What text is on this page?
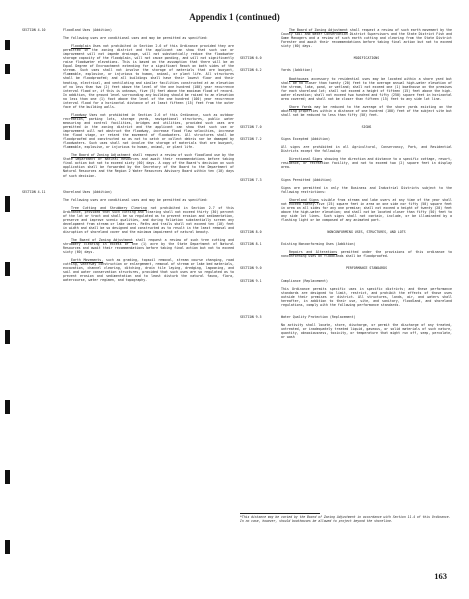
Appendix 1 (continued)
SECTION 4.10	Floodland Uses (Addition)
The following uses are conditional uses and may be permitted as specified:
Floodplain Uses not prohibited in Section 2.6 of this Ordinance provided they are permitted in the zoning district and the applicant can show that such use or improvement will not impede drainage, will not substantially reduce the floodwater storage capacity of the floodplain, will not cause ponding, and will not significantly raise floodwater elevations. This is based on the assumption that there will be an Equal Degree of Encroachment extending for a significant Reach on both sides of the stream. Such uses shall not involve the storage of materials that are buoyant, flammable, explosive, or injurious to human, animal, or plant life. All structures shall be floodproofed; and all buildings shall have their lowest floor and their heating, electrical, and ventilating and similar facilities constructed at an elevation of no less than two (2) feet above the level of the one hundred (100) year recurrence interval flood or, if this is unknown, five (5) feet above the maximum flood of record. In addition, the ground level surrounding any building should be raised to an elevation no less than one (1) foot above the level of the one hundred (100) year recurrence interval flood for a horizontal distance of at least fifteen (15) feet from the outer face of the building walls.
Floodway Uses not prohibited in Section 2.6 of this Ordinance, such as outdoor recreation, parking lots, storage yards, navigational structures, public water measuring and control facilities, bridges and utilities, provided such uses are permitted in the zoning district and the applicant can show that such use or improvement will not obstruct the floodway, increase flood flow velocities, increase the flood stage, or retard the movement of floodwaters. All structures shall be floodproofed and constructed so as not to catch or collect debris nor be damaged by floodwaters. Such uses shall not involve the storage of materials that are buoyant, flammable, explosive, or injurious to human, animal, or plant life.
The Board of Zoning Adjustment shall request a review of such floodland use by the State Department of Natural Resources and await their recommendations before taking final action but not to exceed sixty (60) days. A copy of the Board's decision on such application shall be forwarded by the Secretary of the Board to the Department of Natural Resources and the Region 2 Water Resources Advisory Board within ten (10) days of such decision.
SECTION 4.11	Shoreland Uses (Addition)
The following uses are conditional uses and may be permitted as specified:
Tree Cutting and Shrubbery Clearing not prohibited in Section 2.7 of this Ordinance, provided that such cutting and clearing shall not exceed thirty (30) percent of the lot or tract and shall be so regulated as to prevent erosion and sedimentation, preserve and improve scenic qualities, and during foliation substantially screen any development from stream or lake users. Paths and trails shall not exceed ten (10) feet in width and shall be so designed and constructed as to result in the least removal and disruption of shoreland cover and the minimum impairment of natural beauty.
The Board of Zoning Adjustment shall request a review of such tree cutting and shrubbery clearing in excess of one (1) acre by the State Department of Natural Resources and await their recommendations before taking final action but not to exceed sixty (60) days.
Earth Movements, such as grading, topsoil removal, stream course changing, road cutting, waterway construction or enlargement, removal of stream or lake bed materials, excavation, channel clearing, ditching, drain tile laying, dredging, lagooning, and soil and water conservation structures, provided that such uses are so regulated as to prevent erosion and sedimentation and to least disturb the natural fauna, flora, watercourse, water regimen, and topography.
The Board of Zoning Adjustment shall request a review of such earth movement by the County Soil and Water Conservation District Supervisors and the State District Fish and Game Managers and a review of such earth cutting and clearing from the State District Forester and await their recommendations before taking final action but not to exceed sixty (60) days.
SECTION 6.0	MODIFICATIONS
SECTION 6.2	Yards (Addition)
Boathouses accessory to residential uses may be located within a shore yard but shall be no closer than twenty (20) feet to the average annual high-water elevation of the stream, lake, pond, or wetland; shall not exceed one (1) boathouse on the premises for each shoreland lot; shall not exceed a height of fifteen (15) feet above the high-water elevation; shall not exceed two hundred and fifty (250) square feet in horizontal area covered; and shall not be closer than fifteen (15) feet to any side lot line.
Shore Yards may be reduced to the average of the shore yards existing on the abutting properties within a distance of one hundred (100) feet of the subject site but shall not be reduced to less than fifty (50) feet.
SECTION 7.0	SIGNS
SECTION 7.2	Signs Excepted (Addition)
All signs are prohibited in all Agricultural, Conservancy, Park, and Residential Districts except the following:
Directional Signs showing the direction and distance to a specific cottage, resort, residence, or recreation facility, and not to exceed two (2) square feet in display area.
SECTION 7.3	Signs Permitted (Addition)
Signs are permitted in only the Business and Industrial Districts subject to the following restrictions:
Shoreland Signs visible from stream and lake users at any time of the year shall not exceed twenty-five (25) square feet in area on one side nor fifty (50) square feet in area on all sides for any one premise; shall not exceed a height of twenty (20) feet above the high-water elevation; and shall not be located closer than fifty (50) feet to any side lot lines. Such signs shall not contain, include, or be illuminated by a flashing light or be composed of any animated part.
SECTION 8.0	NONCONFORMING USES, STRUCTURES, AND LOTS
SECTION 8.1	Existing Nonconforming Uses (Addition)
Repairs and Alterations permitted under the provisions of this ordinance to nonconforming uses on floodlands shall be floodproofed.
SECTION 9.0	PERFORMANCE STANDARDS
SECTION 9.1	Compliance (Replacement)
This Ordinance permits specific uses in specific districts; and these performance standards are designed to limit, restrict, and prohibit the effects of those uses outside their premises or district. All structures, lands, air, and waters shall hereafter, in addition to their use, site, and sanitary, floodland, and shoreland regulations, comply with the following performance standards.
SECTION 9.5	Water Quality Protection (Replacement)
No activity shall locate, store, discharge, or permit the discharge of any treated, untreated, or inadequately treated liquid, gaseous, or solid materials of such nature, quantity, obnoxiousness, toxicity, or temperature that might run off, seep, percolate, or wash
*This distance may be varied by the Board of Zoning Adjustment in accordance with Section 11.4 of this Ordinance. In no case, however, should boathouses be allowed to project beyond the shoreline.
163
